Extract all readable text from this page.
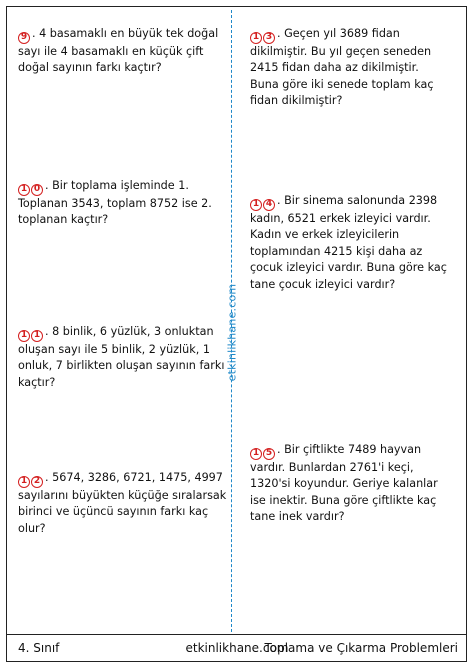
etkinlikhane.com
9 . 4 basamaklı en büyük tek doğal sayı ile 4 basamaklı en küçük çift doğal sayının farkı kaçtır?
1 0 . Bir toplama işleminde 1. Toplanan 3543, toplam 8752 ise 2. toplanan kaçtır?
1 1 . 8 binlik, 6 yüzlük, 3 onluktan oluşan sayı ile 5 binlik, 2 yüzlük, 1 onluk, 7 birlikten oluşan sayının farkı kaçtır?
1 2 . 5674, 3286, 6721, 1475, 4997 sayılarını büyükten küçüğe sıralarsak birinci ve üçüncü sayının farkı kaç olur?
1 3 . Geçen yıl 3689 fidan dikilmiştir. Bu yıl geçen seneden 2415 fidan daha az dikilmiştir. Buna göre iki senede toplam kaç fidan dikilmiştir?
1 4 . Bir sinema salonunda 2398 kadın, 6521 erkek izleyici vardır. Kadın ve erkek izleyicilerin toplamından 4215 kişi daha az çocuk izleyici vardır. Buna göre kaç tane çocuk izleyici vardır?
1 5 . Bir çiftlikte 7489 hayvan vardır. Bunlardan 2761'i keçi, 1320'si koyundur. Geriye kalanlar ise inektir. Buna göre çiftlikte kaç tane inek vardır?
4. Sınıf	etkinlikhane.com
Toplama ve Çıkarma Problemleri
